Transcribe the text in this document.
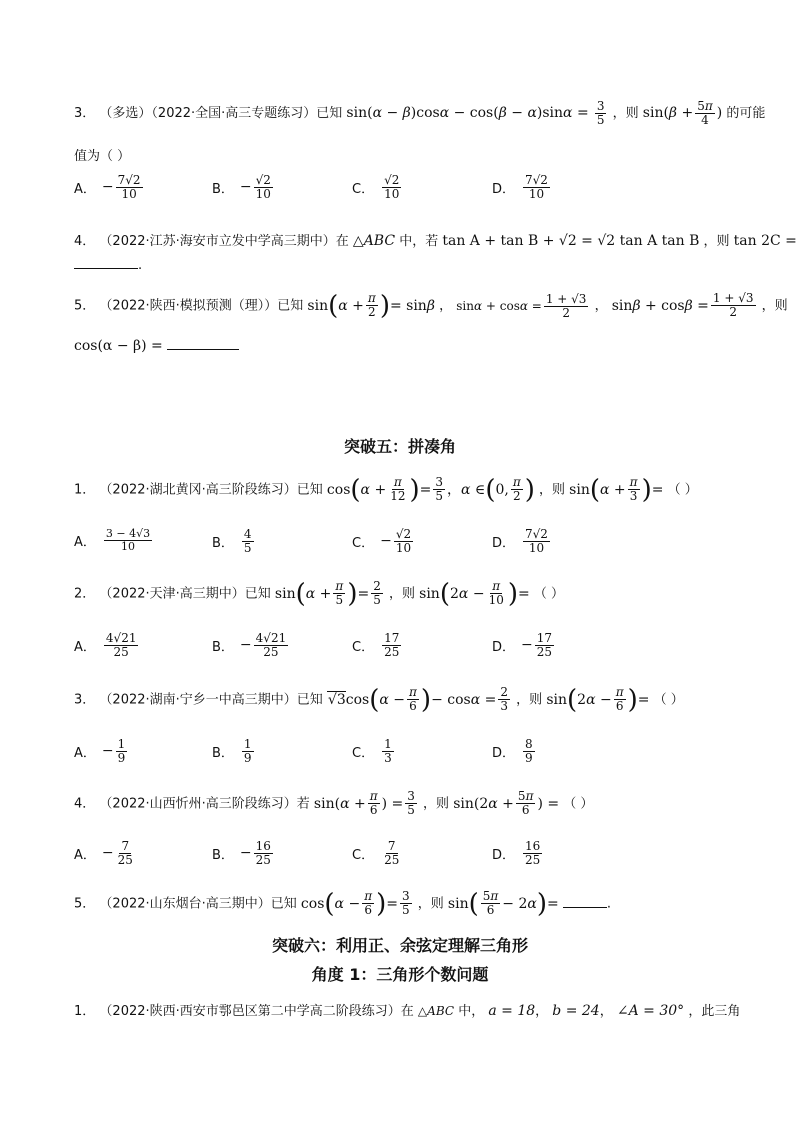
3． （多选）（2022·全国·高三专题练习）已知 $\sin(\alpha - \beta)\cos\alpha - \cos(\beta - \alpha)\sin\alpha = \frac{3}{5}$ ，则 $\sin(\beta + \frac{5\pi}{4}$ ) 的可能
值为（ ）
A． − $\frac{7√2}{10}$	B． − $\frac{√2}{10}$	C． $\frac{√2}{10}$	D． $\frac{7√2}{10}$
4． （2022·江苏·海安市立发中学高三期中）在 △ABC 中，若 tan A + tan B + √2 = √2 tan A tan B ，则 tan 2C =
.
5． （2022·陕西·模拟预测（理））已知 $\sin(\alpha + \frac{\pi}{2}$ )= sinβ ， $\sin\alpha + \cos\alpha = \frac{1 + √3}{2}$ ， $\sin\beta + \cos\beta = \frac{1 + √3}{2}$ ，则
cos(α − β) =
突破五：拼凑角
1． （2022·湖北黄冈·高三阶段练习）已知 $\cos(\alpha + \frac{\pi}{12}$ )= $\frac{3}{5}$ ，α ∈(0, $\frac{\pi}{2}$ ) ，则 $\sin(\alpha + \frac{\pi}{3}$ )= （ ）
A． $\frac{3 - 4√3}{10}$	B． $\frac{4}{5}$	C． − $\frac{√2}{10}$	D． $\frac{7√2}{10}$
2． （2022·天津·高三期中）已知 $\sin(\alpha + \frac{\pi}{5}$ )= $\frac{2}{5}$ ，则 $\sin(2\alpha - \frac{\pi}{10}$ )= （ ）
A． $\frac{4√21}{25}$	B． − $\frac{4√21}{25}$	C． $\frac{17}{25}$	D． − $\frac{17}{25}$
3． （2022·湖南·宁乡一中高三期中）已知 $√3\cos(\alpha - \frac{\pi}{6}$ )− $\cos\alpha = \frac{2}{3}$ ，则 $\sin(2\alpha - \frac{\pi}{6}$ )= （ ）
A． − $\frac{1}{9}$	B． $\frac{1}{9}$	C． $\frac{1}{3}$	D． $\frac{8}{9}$
4． （2022·山西忻州·高三阶段练习）若 $\sin(\alpha + \frac{\pi}{6}$ ) = $\frac{3}{5}$ ，则 $\sin(2\alpha + \frac{5\pi}{6}$ ) = （ ）
A． − $\frac{7}{25}$	B． − $\frac{16}{25}$	C． $\frac{7}{25}$	D． $\frac{16}{25}$
5． （2022·山东烟台·高三期中）已知 $\cos(\alpha - \frac{\pi}{6}$ )= $\frac{3}{5}$ ，则 $\sin( \frac{5\pi}{6} - 2\alpha)=$	.
突破六：利用正、余弦定理解三角形
角度 1：三角形个数问题
1． （2022·陕西·西安市鄠邑区第二中学高二阶段练习）在 △ABC 中， a = 18， b = 24， ∠A = 30° ，此三角
